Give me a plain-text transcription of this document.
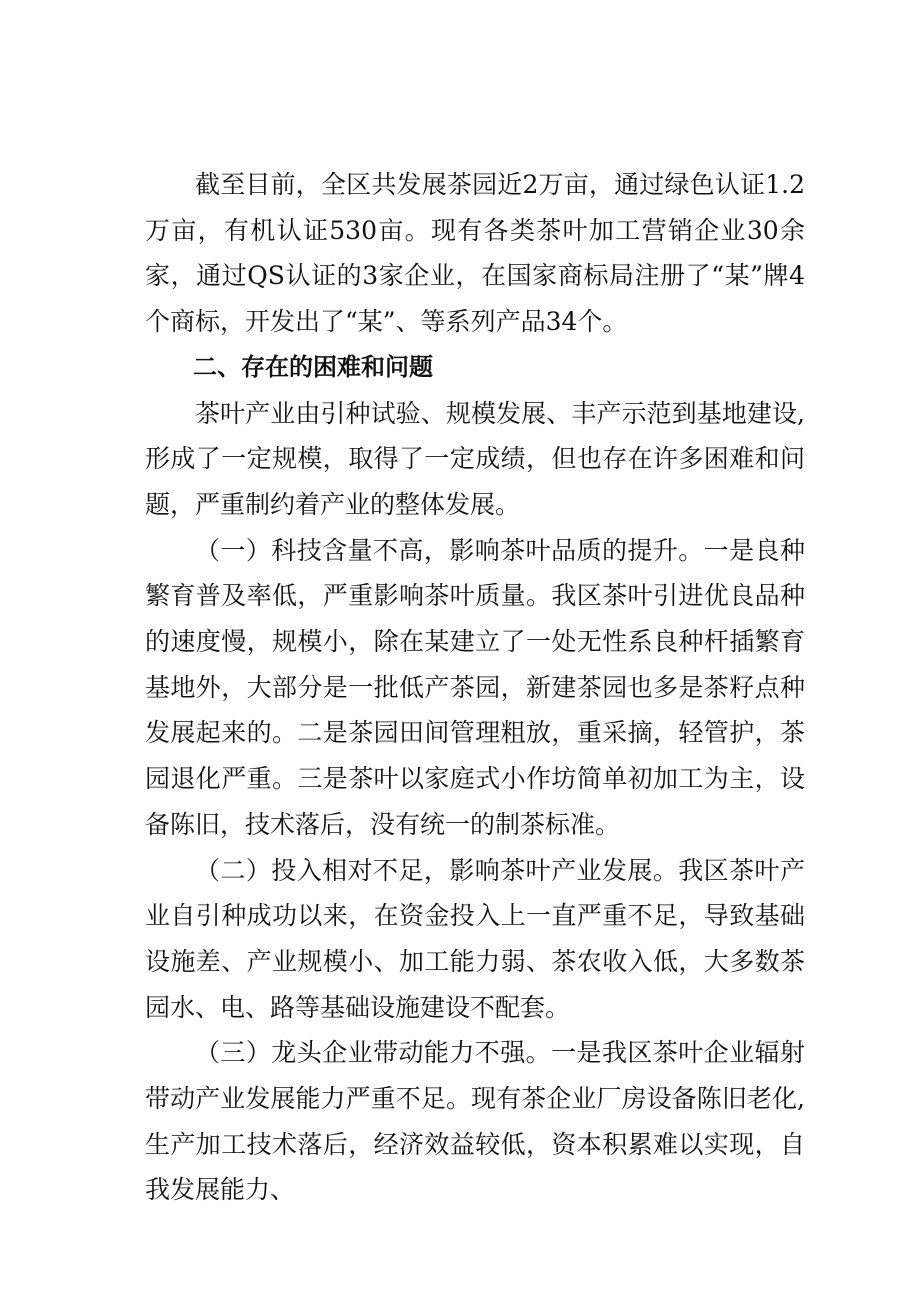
截至目前，全区共发展茶园近2万亩，通过绿色认证1.2万亩，有机认证530亩。现有各类茶叶加工营销企业30余家，通过QS认证的3家企业，在国家商标局注册了“某”牌4个商标，开发出了“某”、等系列产品34个。

二、存在的困难和问题

茶叶产业由引种试验、规模发展、丰产示范到基地建设,形成了一定规模，取得了一定成绩，但也存在许多困难和问题，严重制约着产业的整体发展。

（一）科技含量不高，影响茶叶品质的提升。一是良种繁育普及率低，严重影响茶叶质量。我区茶叶引进优良品种的速度慢，规模小，除在某建立了一处无性系良种杆插繁育基地外，大部分是一批低产茶园，新建茶园也多是茶籽点种发展起来的。二是茶园田间管理粗放，重采摘，轻管护，茶园退化严重。三是茶叶以家庭式小作坊简单初加工为主，设备陈旧，技术落后，没有统一的制茶标准。

（二）投入相对不足，影响茶叶产业发展。我区茶叶产业自引种成功以来，在资金投入上一直严重不足，导致基础设施差、产业规模小、加工能力弱、茶农收入低，大多数茶园水、电、路等基础设施建设不配套。

（三）龙头企业带动能力不强。一是我区茶叶企业辐射带动产业发展能力严重不足。现有茶企业厂房设备陈旧老化,生产加工技术落后，经济效益较低，资本积累难以实现，自我发展能力、
